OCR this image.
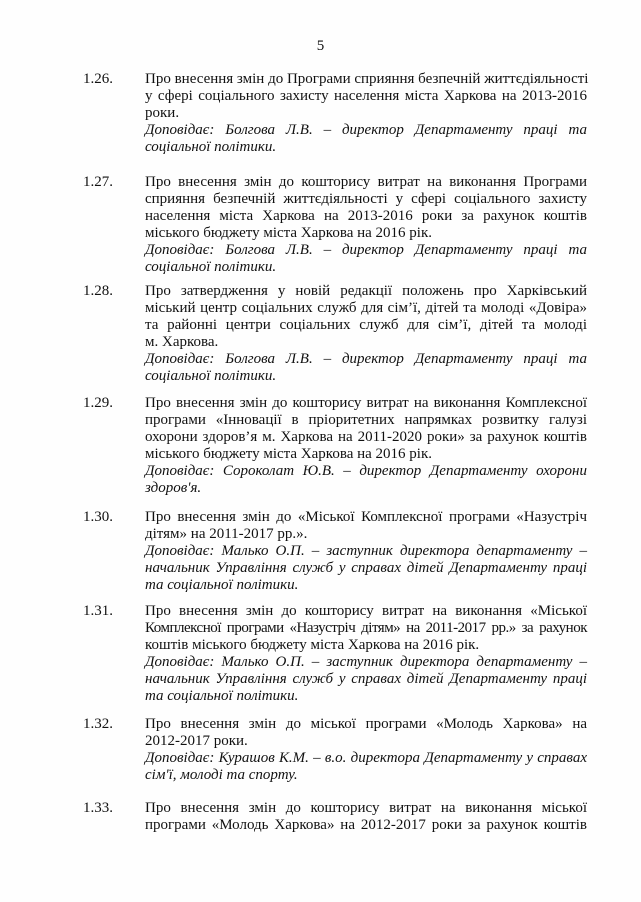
5
1.26. Про внесення змін до Програми сприяння безпечній життєдіяльності
у сфері соціального захисту населення міста Харкова на 2013-2016
роки.
Доповідає: Болгова Л.В. – директор Департаменту праці та
соціальної політики.
1.27. Про внесення змін до кошторису витрат на виконання Програми
сприяння безпечній життєдіяльності у сфері соціального захисту
населення міста Харкова на 2013-2016 роки за рахунок коштів
міського бюджету міста Харкова на 2016 рік.
Доповідає: Болгова Л.В. – директор Департаменту праці та
соціальної політики.
1.28. Про затвердження у новій редакції положень про Харківський
міський центр соціальних служб для сім’ї, дітей та молоді «Довіра»
та районні центри соціальних служб для сім’ї, дітей та молоді
м. Харкова.
Доповідає: Болгова Л.В. – директор Департаменту праці та
соціальної політики.
1.29. Про внесення змін до кошторису витрат на виконання Комплексної
програми «Інновації в пріоритетних напрямках розвитку галузі
охорони здоров’я м. Харкова на 2011-2020 роки» за рахунок коштів
міського бюджету міста Харкова на 2016 рік.
Доповідає: Сороколат Ю.В. – директор Департаменту охорони
здоров'я.
1.30. Про внесення змін до «Міської Комплексної програми «Назустріч
дітям» на 2011-2017 рр.».
Доповідає: Малько О.П. – заступник директора департаменту –
начальник Управління служб у справах дітей Департаменту праці
та соціальної політики.
1.31. Про внесення змін до кошторису витрат на виконання «Міської
Комплексної програми «Назустріч дітям» на 2011-2017 рр.» за рахунок
коштів міського бюджету міста Харкова на 2016 рік.
Доповідає: Малько О.П. – заступник директора департаменту –
начальник Управління служб у справах дітей Департаменту праці
та соціальної політики.
1.32. Про внесення змін до міської програми «Молодь Харкова» на
2012-2017 роки.
Доповідає: Курашов К.М. – в.о. директора Департаменту у справах
сім'ї, молоді та спорту.
1.33. Про внесення змін до кошторису витрат на виконання міської
програми «Молодь Харкова» на 2012-2017 роки за рахунок коштів
